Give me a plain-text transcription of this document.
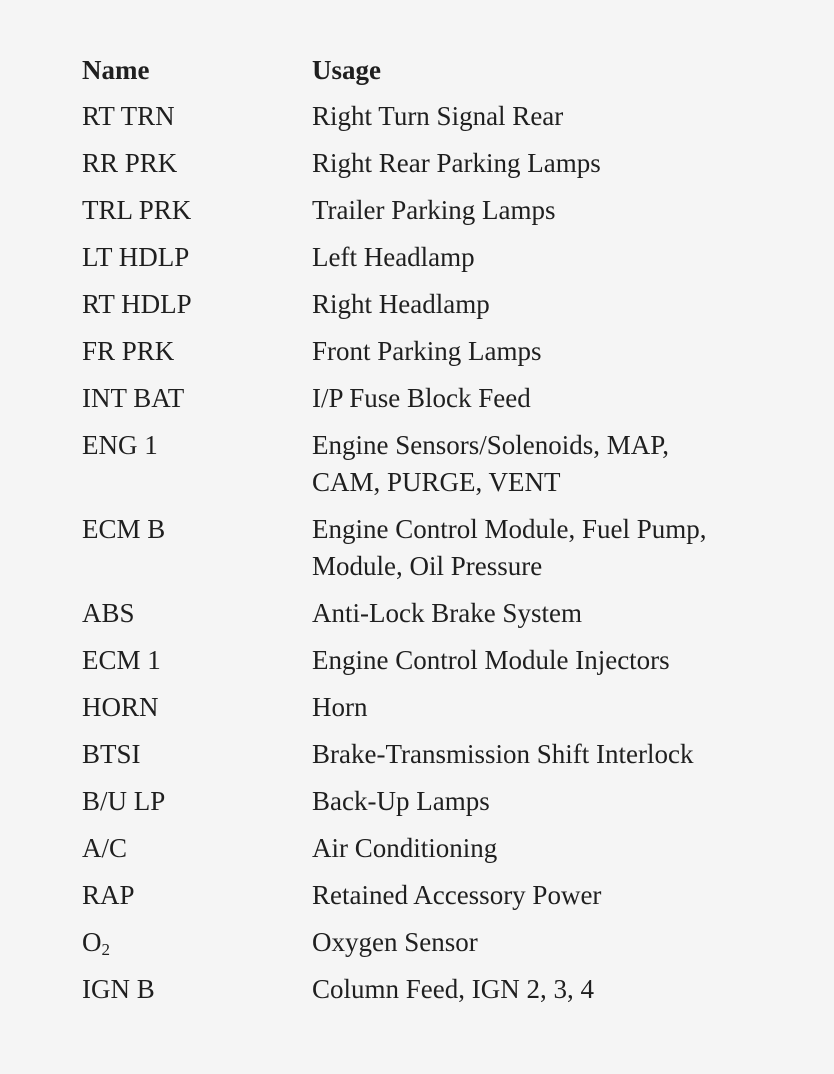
Name	Usage
RT TRN	Right Turn Signal Rear
RR PRK	Right Rear Parking Lamps
TRL PRK	Trailer Parking Lamps
LT HDLP	Left Headlamp
RT HDLP	Right Headlamp
FR PRK	Front Parking Lamps
INT BAT	I/P Fuse Block Feed
ENG 1	Engine Sensors/Solenoids, MAP,
CAM, PURGE, VENT
ECM B	Engine Control Module, Fuel Pump,
Module, Oil Pressure
ABS	Anti-Lock Brake System
ECM 1	Engine Control Module Injectors
HORN	Horn
BTSI	Brake-Transmission Shift Interlock
B/U LP	Back-Up Lamps
A/C	Air Conditioning
RAP	Retained Accessory Power
$O_2$	Oxygen Sensor
IGN B	Column Feed, IGN 2, 3, 4
